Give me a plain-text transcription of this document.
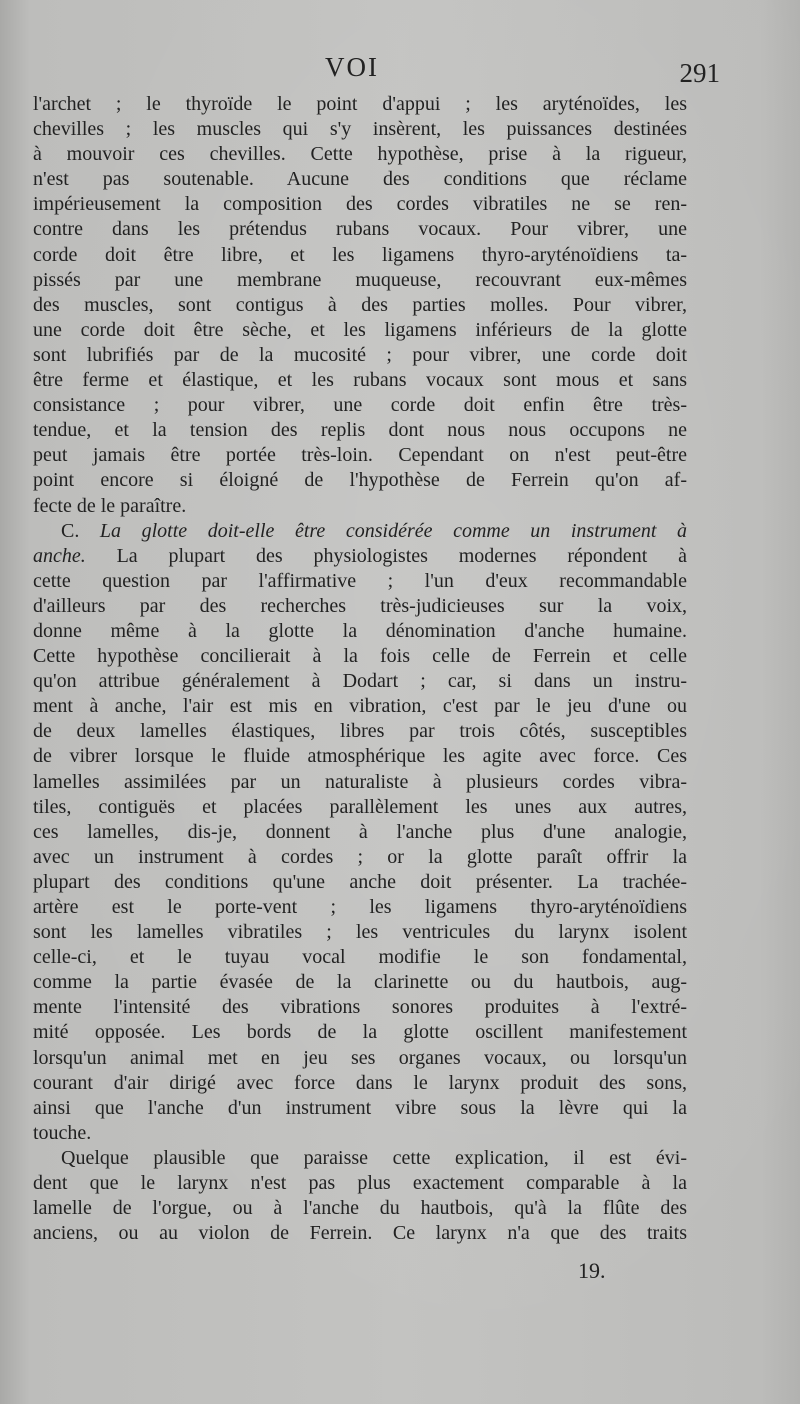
VOI	291
l'archet ; le thyroïde le point d'appui ; les aryténoïdes, les
chevilles ; les muscles qui s'y insèrent, les puissances destinées
à mouvoir ces chevilles. Cette hypothèse, prise à la rigueur,
n'est pas soutenable. Aucune des conditions que réclame
impérieusement la composition des cordes vibratiles ne se ren-
contre dans les prétendus rubans vocaux. Pour vibrer, une
corde doit être libre, et les ligamens thyro-aryténoïdiens ta-
pissés par une membrane muqueuse, recouvrant eux-mêmes
des muscles, sont contigus à des parties molles. Pour vibrer,
une corde doit être sèche, et les ligamens inférieurs de la glotte
sont lubrifiés par de la mucosité ; pour vibrer, une corde doit
être ferme et élastique, et les rubans vocaux sont mous et sans
consistance ; pour vibrer, une corde doit enfin être très-
tendue, et la tension des replis dont nous nous occupons ne
peut jamais être portée très-loin. Cependant on n'est peut-être
point encore si éloigné de l'hypothèse de Ferrein qu'on af-
fecte de le paraître.
C. La glotte doit-elle être considérée comme un instrument à
anche. La plupart des physiologistes modernes répondent à
cette question par l'affirmative ; l'un d'eux recommandable
d'ailleurs par des recherches très-judicieuses sur la voix,
donne même à la glotte la dénomination d'anche humaine.
Cette hypothèse concilierait à la fois celle de Ferrein et celle
qu'on attribue généralement à Dodart ; car, si dans un instru-
ment à anche, l'air est mis en vibration, c'est par le jeu d'une ou
de deux lamelles élastiques, libres par trois côtés, susceptibles
de vibrer lorsque le fluide atmosphérique les agite avec force. Ces
lamelles assimilées par un naturaliste à plusieurs cordes vibra-
tiles, contiguës et placées parallèlement les unes aux autres,
ces lamelles, dis-je, donnent à l'anche plus d'une analogie,
avec un instrument à cordes ; or la glotte paraît offrir la
plupart des conditions qu'une anche doit présenter. La trachée-
artère est le porte-vent ; les ligamens thyro-aryténoïdiens
sont les lamelles vibratiles ; les ventricules du larynx isolent
celle-ci, et le tuyau vocal modifie le son fondamental,
comme la partie évasée de la clarinette ou du hautbois, aug-
mente l'intensité des vibrations sonores produites à l'extré-
mité opposée. Les bords de la glotte oscillent manifestement
lorsqu'un animal met en jeu ses organes vocaux, ou lorsqu'un
courant d'air dirigé avec force dans le larynx produit des sons,
ainsi que l'anche d'un instrument vibre sous la lèvre qui la
touche.
Quelque plausible que paraisse cette explication, il est évi-
dent que le larynx n'est pas plus exactement comparable à la
lamelle de l'orgue, ou à l'anche du hautbois, qu'à la flûte des
anciens, ou au violon de Ferrein. Ce larynx n'a que des traits
19.
